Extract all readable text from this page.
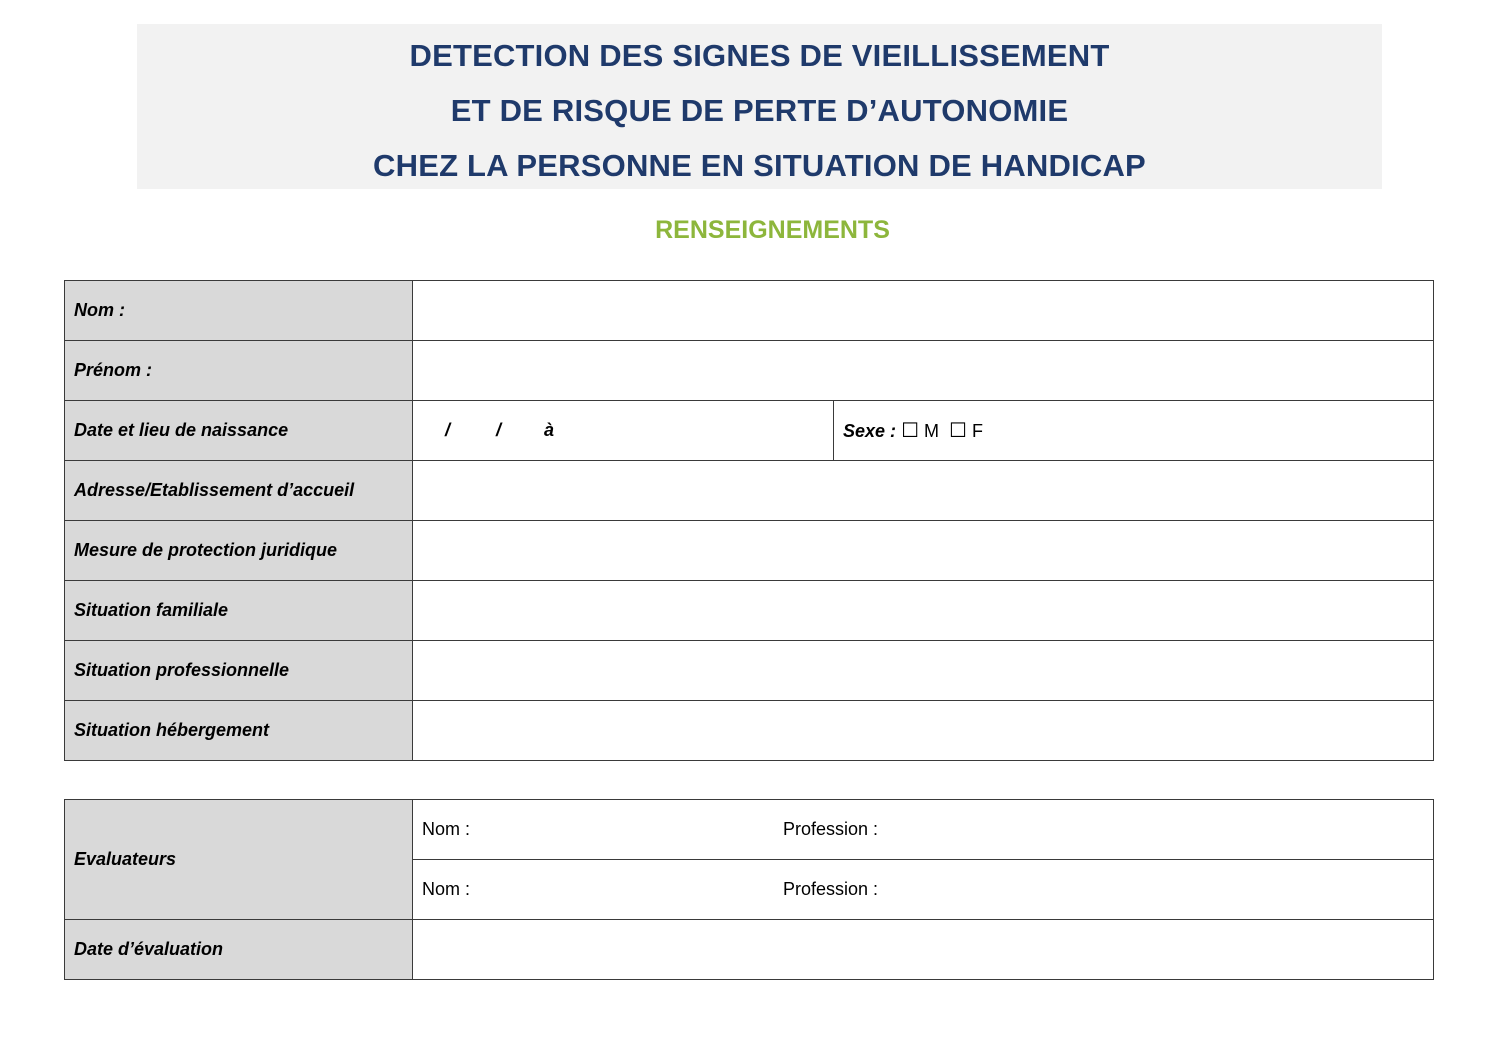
DETECTION DES SIGNES DE VIEILLISSEMENT
ET DE RISQUE DE PERTE D’AUTONOMIE
CHEZ LA PERSONNE EN SITUATION DE HANDICAP
RENSEIGNEMENTS
Nom :		
Prénom :		
Date et lieu de naissance	/ / à	Sexe : ☐ M ☐ F
Adresse/Etablissement d’accueil		
Mesure de protection juridique		
Situation familiale		
Situation professionnelle		
Situation hébergement		
Evaluateurs	Nom : Profession :

	Nom : Profession :

Date d’évaluation	
